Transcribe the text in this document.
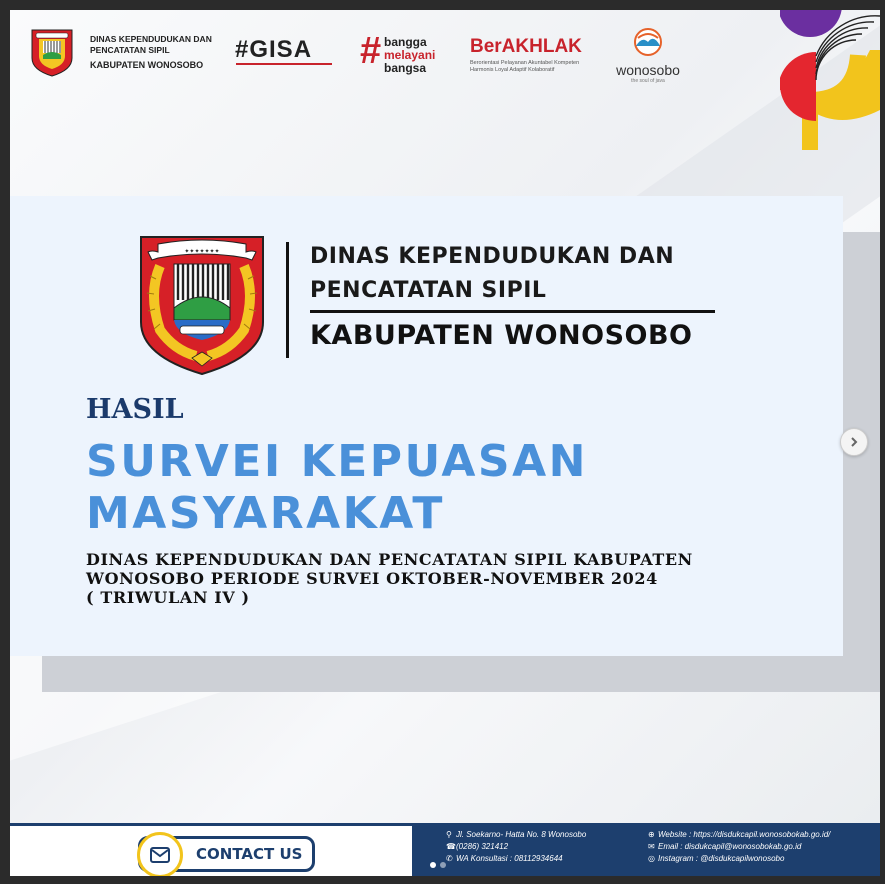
DINAS KEPENDUDUKAN DAN
PENCATATAN SIPIL
KABUPATEN WONOSOBO
#GISA # bangga
melayani
bangsa
BerAKHLAK
Berorientasi Pelayanan Akuntabel Kompeten
Harmonis Loyal Adaptif Kolaboratif	wonosobo
the soul of java
✦✦✦✦✦✦✦	DINAS KEPENDUDUKAN DAN
PENCATATAN SIPIL
KABUPATEN WONOSOBO
HASIL
SURVEI KEPUASAN
MASYARAKAT
DINAS KEPENDUDUKAN DAN PENCATATAN SIPIL KABUPATEN
WONOSOBO PERIODE SURVEI OKTOBER-NOVEMBER 2024
( TRIWULAN IV )
CONTACT US
⚲ Jl. Soekarno- Hatta No. 8 Wonosobo
☎(0286) 321412
✆ WA Konsultasi : 08112934644
⊕ Website : https://disdukcapil.wonosobokab.go.id/
✉ Email : disdukcapil@wonosobokab.go.id
◎ Instagram : @disdukcapilwonosobo
